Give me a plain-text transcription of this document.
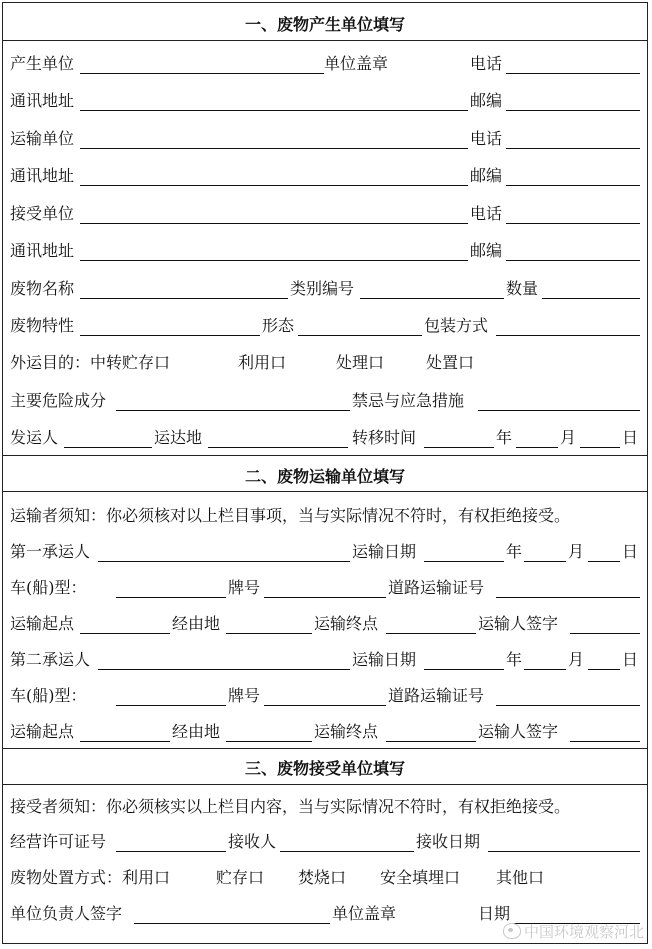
一、废物产生单位填写
产生单位	单位盖章	电话
通讯地址	邮编
运输单位	电话
通讯地址	邮编
接受单位	电话
通讯地址	邮编
废物名称	类别编号	数量
废物特性	形态	包装方式
外运目的：中转贮存口	利用口	处理口	处置口
主要危险成分	禁忌与应急措施
发运人	运达地	转移时间	年	月	日
二、废物运输单位填写
运输者须知：你必须核对以上栏目事项，当与实际情况不符时，有权拒绝接受。
第一承运人	运输日期	年	月 日
车(船)型：	牌号	道路运输证号
运输起点	经由地	运输终点	运输人签字
第二承运人	运输日期	年	月 日
车(船)型：	牌号	道路运输证号
运输起点	经由地	运输终点	运输人签字
三、废物接受单位填写
接受者须知：你必须核实以上栏目内容，当与实际情况不符时，有权拒绝接受。
经营许可证号	接收人	接收日期
废物处置方式：利用口	贮存口 焚烧口 安全填埋口 其他口
单位负责人签字	单位盖章	日期
中国环境观察河北
